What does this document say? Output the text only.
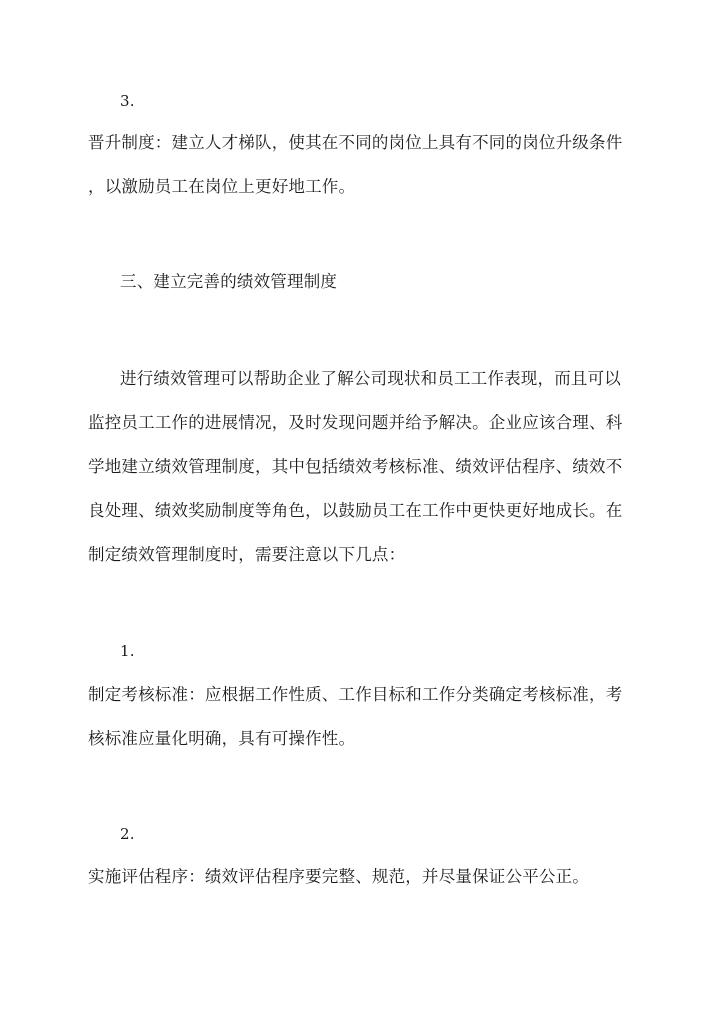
3.
晋升制度：建立人才梯队，使其在不同的岗位上具有不同的岗位升级条件
，以激励员工在岗位上更好地工作。
三、建立完善的绩效管理制度
进行绩效管理可以帮助企业了解公司现状和员工工作表现，而且可以
监控员工工作的进展情况，及时发现问题并给予解决。企业应该合理、科
学地建立绩效管理制度，其中包括绩效考核标准、绩效评估程序、绩效不
良处理、绩效奖励制度等角色，以鼓励员工在工作中更快更好地成长。在
制定绩效管理制度时，需要注意以下几点：
1.
制定考核标准：应根据工作性质、工作目标和工作分类确定考核标准，考
核标准应量化明确，具有可操作性。
2.
实施评估程序：绩效评估程序要完整、规范，并尽量保证公平公正。
